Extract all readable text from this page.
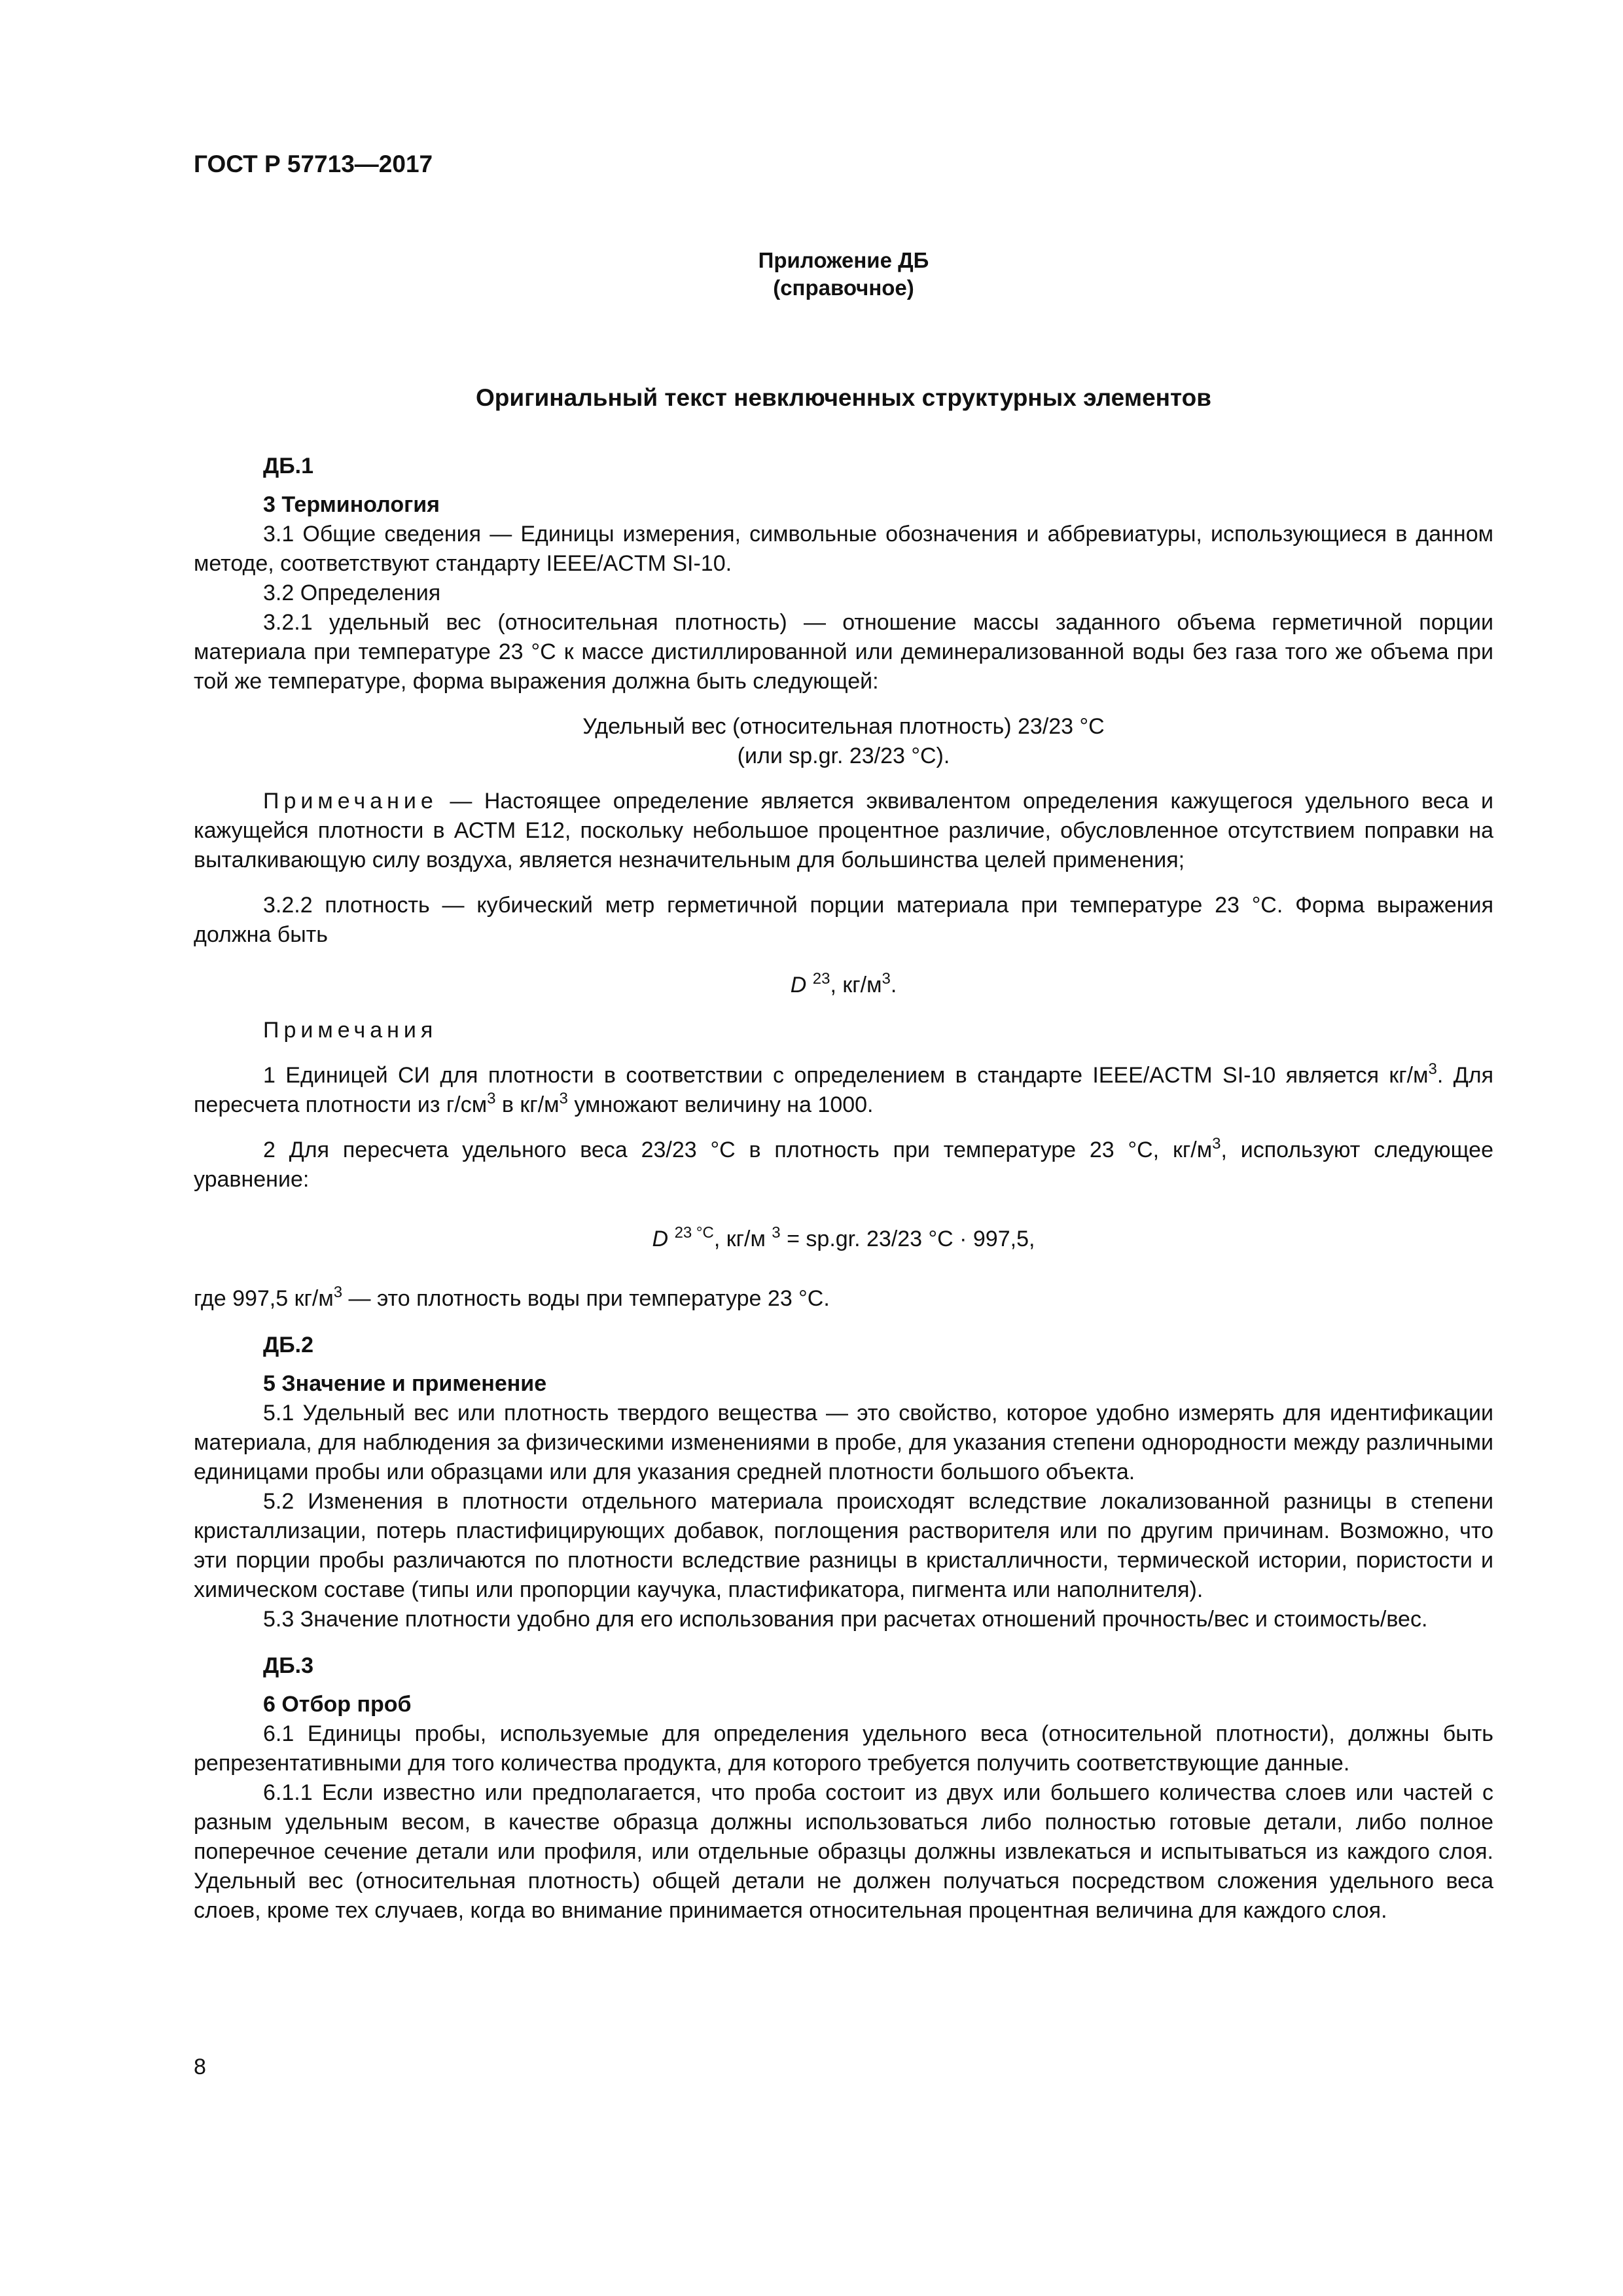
ГОСТ Р 57713—2017
Приложение ДБ
(справочное)
Оригинальный текст невключенных структурных элементов
ДБ.1
3 Терминология

3.1 Общие сведения — Единицы измерения, символьные обозначения и аббревиатуры, использующиеся в данном методе, соответствуют стандарту IEEE/ACTM SI-10.

3.2 Определения

3.2.1 удельный вес (относительная плотность) — отношение массы заданного объема герметичной порции материала при температуре 23 °C к массе дистиллированной или деминерализованной воды без газа того же объема при той же температуре, форма выражения должна быть следующей:

Удельный вес (относительная плотность) 23/23 °C
(или sp.gr. 23/23 °C).

Примечание — Настоящее определение является эквивалентом определения кажущегося удельного веса и кажущейся плотности в АСТМ Е12, поскольку небольшое процентное различие, обусловленное отсутствием поправки на выталкивающую силу воздуха, является незначительным для большинства целей применения;

3.2.2 плотность — кубический метр герметичной порции материала при температуре 23 °C. Форма выражения должна быть

D $^{23}$, $кг/м^3$.

Примечания

1 Единицей СИ для плотности в соответствии с определением в стандарте IEEE/ACTM SI-10 является $кг/м^3$. Для пересчета плотности из $г/см^3$ в $кг/м^3$ умножают величину на 1000.

2 Для пересчета удельного веса 23/23 °C в плотность при температуре 23 °C, $кг/м^3$, используют следующее уравнение:

D $^{23 ^\circ C}$, кг/м $^3$ = sp.gr. 23/23 °C · 997,5,

где 997,5 $кг/м^3$ — это плотность воды при температуре 23 °C.

ДБ.2
5 Значение и применение

5.1 Удельный вес или плотность твердого вещества — это свойство, которое удобно измерять для идентификации материала, для наблюдения за физическими изменениями в пробе, для указания степени однородности между различными единицами пробы или образцами или для указания средней плотности большого объекта.

5.2 Изменения в плотности отдельного материала происходят вследствие локализованной разницы в степени кристаллизации, потерь пластифицирующих добавок, поглощения растворителя или по другим причинам. Возможно, что эти порции пробы различаются по плотности вследствие разницы в кристалличности, термической истории, пористости и химическом составе (типы или пропорции каучука, пластификатора, пигмента или наполнителя).

5.3 Значение плотности удобно для его использования при расчетах отношений прочность/вес и стоимость/вес.

ДБ.3
6 Отбор проб

6.1 Единицы пробы, используемые для определения удельного веса (относительной плотности), должны быть репрезентативными для того количества продукта, для которого требуется получить соответствующие данные.

6.1.1 Если известно или предполагается, что проба состоит из двух или большего количества слоев или частей с разным удельным весом, в качестве образца должны использоваться либо полностью готовые детали, либо полное поперечное сечение детали или профиля, или отдельные образцы должны извлекаться и испытываться из каждого слоя. Удельный вес (относительная плотность) общей детали не должен получаться посредством сложения удельного веса слоев, кроме тех случаев, когда во внимание принимается относительная процентная величина для каждого слоя.

8
